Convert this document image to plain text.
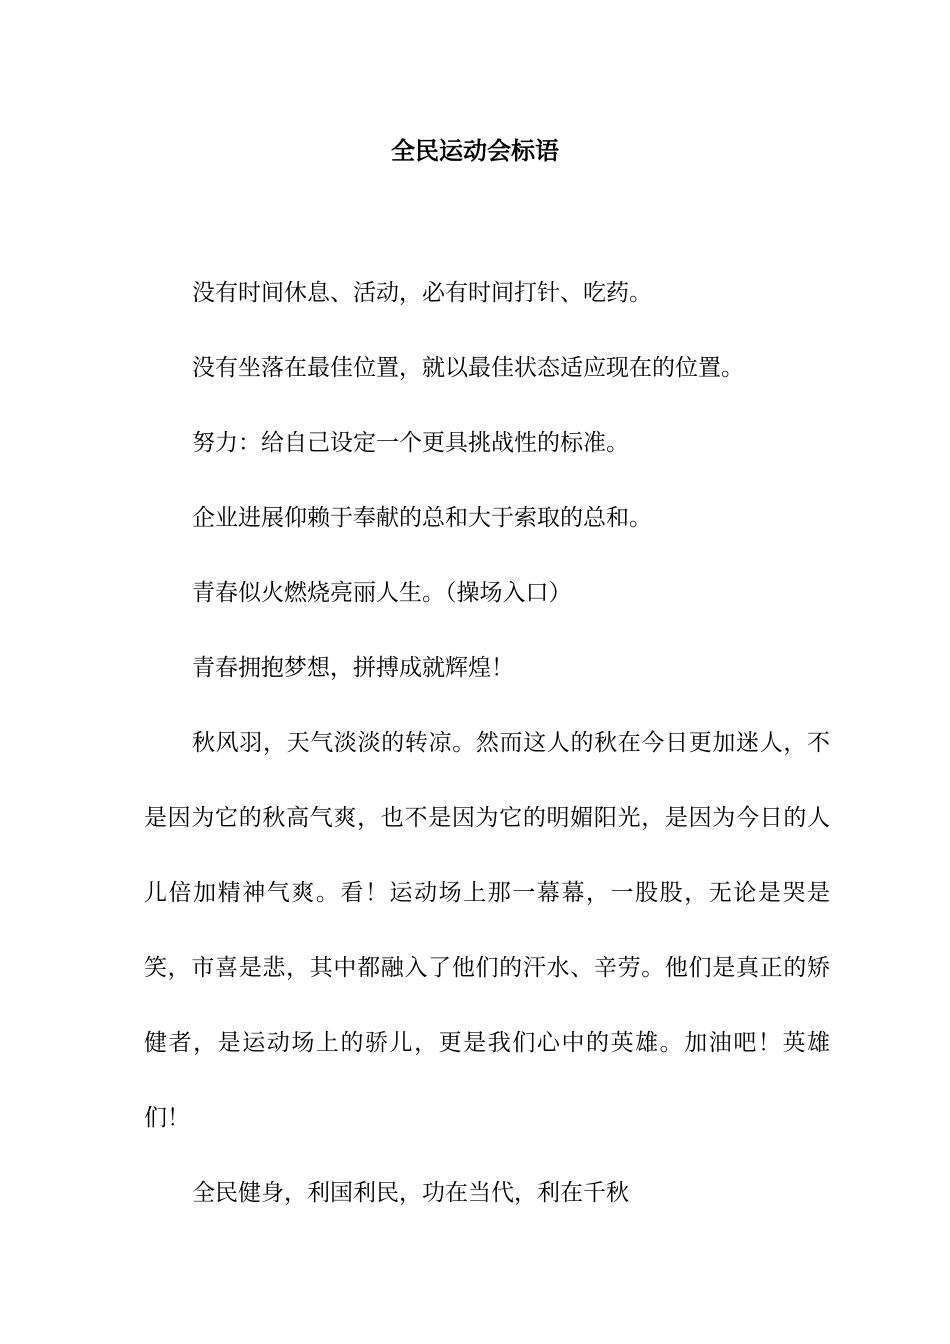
全民运动会标语

没有时间休息、活动，必有时间打针、吃药。

没有坐落在最佳位置，就以最佳状态适应现在的位置。

努力：给自己设定一个更具挑战性的标准。

企业进展仰赖于奉献的总和大于索取的总和。

青春似火燃烧亮丽人生。（操场入口）

青春拥抱梦想，拼搏成就辉煌！

秋风羽，天气淡淡的转凉。然而这人的秋在今日更加迷人，不是因为它的秋高气爽，也不是因为它的明媚阳光，是因为今日的人儿倍加精神气爽。看！运动场上那一幕幕，一股股，无论是哭是笑，市喜是悲，其中都融入了他们的汗水、辛劳。他们是真正的矫健者，是运动场上的骄儿，更是我们心中的英雄。加油吧！英雄们！

全民健身，利国利民，功在当代，利在千秋
